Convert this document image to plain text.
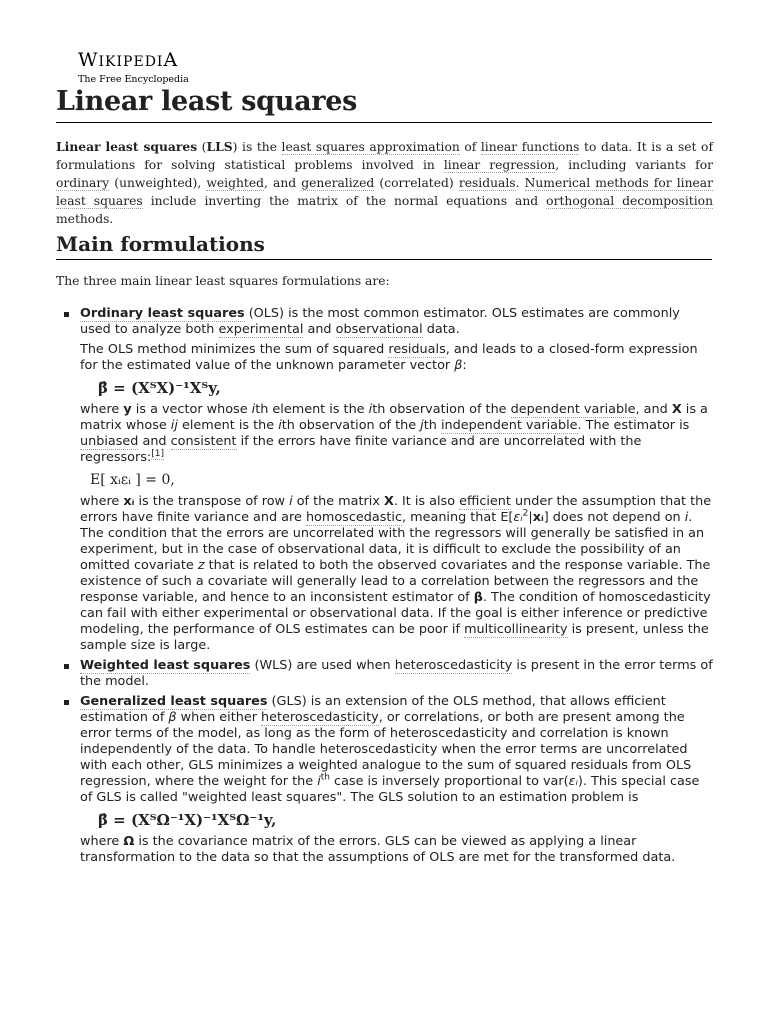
WIKIPEDIA
The Free Encyclopedia
Linear least squares

Linear least squares (LLS) is the least squares approximation of linear functions to data. It is a set of formulations for solving statistical problems involved in linear regression, including variants for ordinary (unweighted), weighted, and generalized (correlated) residuals. Numerical methods for linear least squares include inverting the matrix of the normal equations and orthogonal decomposition methods.

Main formulations

The three main linear least squares formulations are:

Ordinary least squares (OLS) is the most common estimator. OLS estimates are commonly used to analyze both experimental and observational data.

The OLS method minimizes the sum of squared residuals, and leads to a closed-form expression for the estimated value of the unknown parameter vector β:

β̂ = (XᵀX)⁻¹Xᵀy,

where y is a vector whose ith element is the ith observation of the dependent variable, and X is a matrix whose ij element is the ith observation of the jth independent variable. The estimator is unbiased and consistent if the errors have finite variance and are uncorrelated with the regressors:[1]

E[ xᵢεᵢ ] = 0,

where xᵢ is the transpose of row i of the matrix X. It is also efficient under the assumption that the errors have finite variance and are homoscedastic, meaning that E[εᵢ$^2$|xᵢ] does not depend on i. The condition that the errors are uncorrelated with the regressors will generally be satisfied in an experiment, but in the case of observational data, it is difficult to exclude the possibility of an omitted covariate z that is related to both the observed covariates and the response variable. The existence of such a covariate will generally lead to a correlation between the regressors and the response variable, and hence to an inconsistent estimator of β. The condition of homoscedasticity can fail with either experimental or observational data. If the goal is either inference or predictive modeling, the performance of OLS estimates can be poor if multicollinearity is present, unless the sample size is large.

Weighted least squares (WLS) are used when heteroscedasticity is present in the error terms of the model.

Generalized least squares (GLS) is an extension of the OLS method, that allows efficient estimation of β when either heteroscedasticity, or correlations, or both are present among the error terms of the model, as long as the form of heteroscedasticity and correlation is known independently of the data. To handle heteroscedasticity when the error terms are uncorrelated with each other, GLS minimizes a weighted analogue to the sum of squared residuals from OLS regression, where the weight for the $i^{th}$ case is inversely proportional to var(εᵢ). This special case of GLS is called "weighted least squares". The GLS solution to an estimation problem is

β̂ = (XᵀΩ⁻¹X)⁻¹XᵀΩ⁻¹y,

where Ω is the covariance matrix of the errors. GLS can be viewed as applying a linear transformation to the data so that the assumptions of OLS are met for the transformed data.
